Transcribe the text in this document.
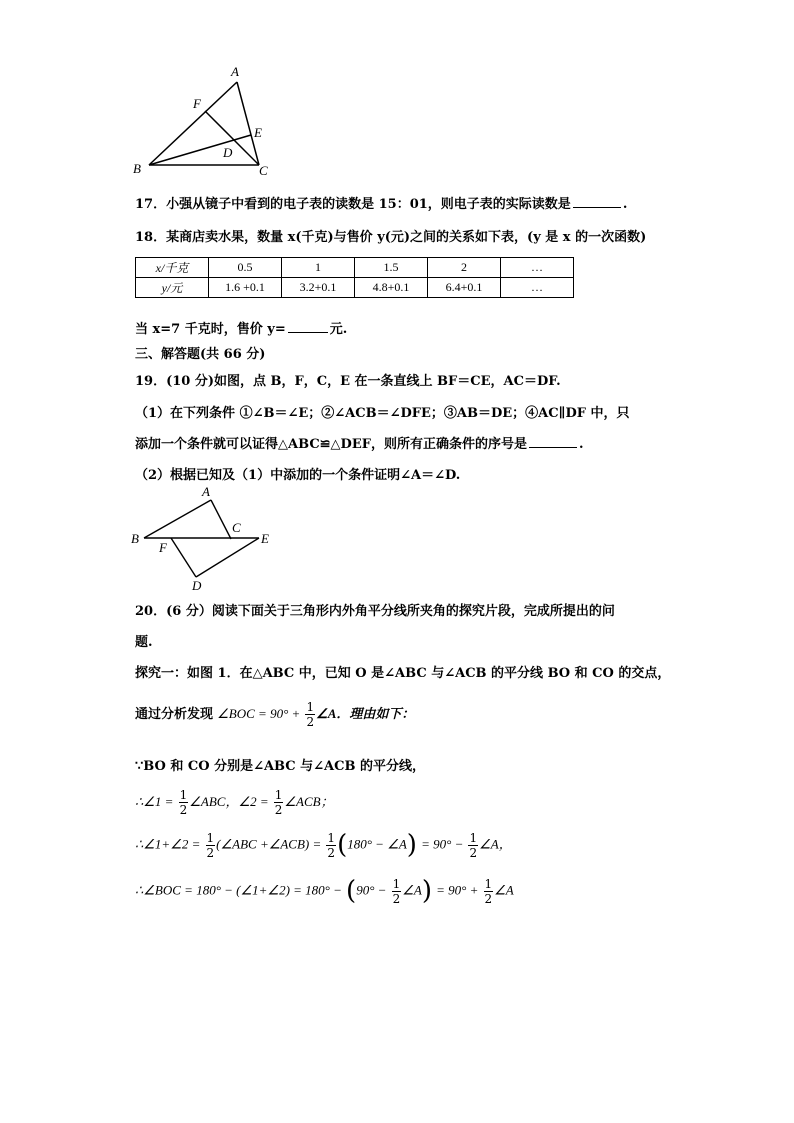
A
F
E
D
B	C
17．小强从镜子中看到的电子表的读数是 15：01，则电子表的实际读数是	.
18．某商店卖水果，数量 x(千克)与售价 y(元)之间的关系如下表，(y 是 x 的一次函数)
x/千克	0.5	1	1.5	2	…
y/元	1.6 +0.1	3.2+0.1	4.8+0.1	6.4+0.1	…
当 x=7 千克时，售价 y=	元.
三、解答题(共 66 分)
19．(10 分)如图，点 B，F，C，E 在一条直线上 BF＝CE，AC＝DF.
（1）在下列条件 ①∠B＝∠E；②∠ACB＝∠DFE；③AB＝DE；④AC∥DF 中，只
添加一个条件就可以证得△ABC≌△DEF，则所有正确条件的序号是	.
（2）根据已知及（1）中添加的一个条件证明∠A＝∠D.
A
C
B
F
E
D
20．(6 分）阅读下面关于三角形内外角平分线所夹角的探究片段，完成所提出的问
题.
探究一：如图 1．在△ABC 中，已知 O 是∠ABC 与∠ACB 的平分线 BO 和 CO 的交点，
通过分析发现 ∠BOC = $90^\circ + \frac{1}{2}$ ∠A．理由如下：
∵BO 和 CO 分别是∠ABC 与∠ACB 的平分线，
∴∠1 = $\frac{1}{2}$ ∠ABC，∠2 = $\frac{1}{2}$ ∠ACB；
∴∠1+∠2 = $\frac{1}{2}$ (∠ABC +∠ACB) = $\frac{1}{2} (180^\circ$ − ∠A) = $90^\circ - \frac{1}{2}$ ∠A，
∴∠BOC = 180° − (∠1+∠2) = $180^\circ - (90^\circ - \frac{1}{2}$ ∠A) = $90^\circ + \frac{1}{2}$ ∠A
